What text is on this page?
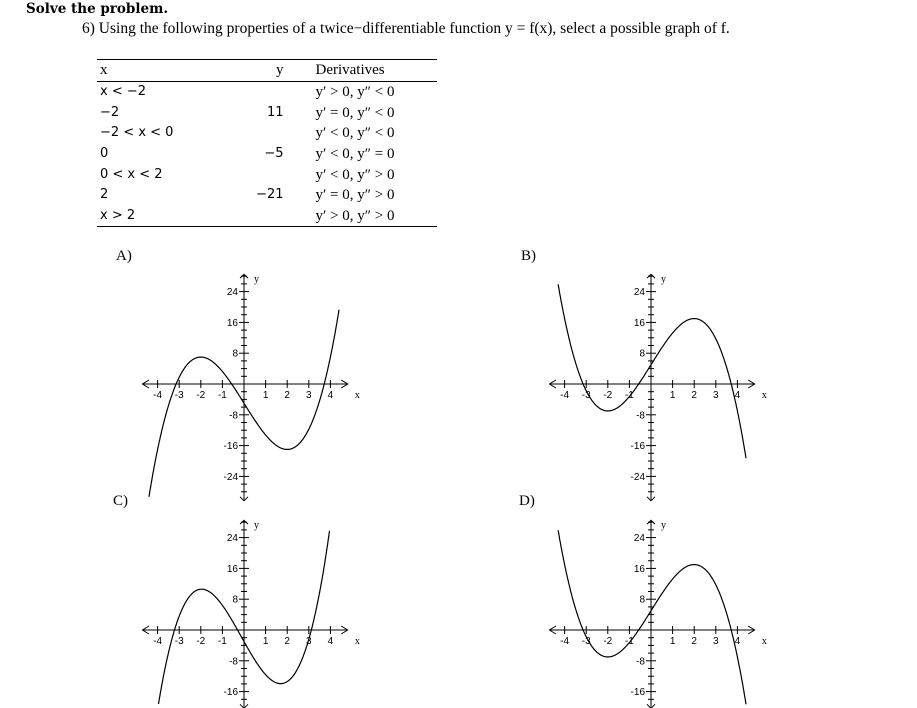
Solve the problem.
6) Using the following properties of a twice−differentiable function y = f(x), select a possible graph of f.
x	y	Derivatives
x < −2		y′ > 0, y″ < 0
−2	11	y′ = 0, y″ < 0
−2 < x < 0		y′ < 0, y″ < 0
0	−5	y′ < 0, y″ = 0
0 < x < 2		y′ < 0, y″ > 0
2	−21	y′ = 0, y″ > 0
x > 2		y′ > 0, y″ > 0
A)	B)
C)	D)
-4 -3 -2 -1	1 2 3 4 x
y
24
16
8
-8
-16
-24
-4 -3 -2 -1	1 2 3 4 x
y
24
16
8
-8
-16
-24
-4 -3 -2 -1	1 2 3 4 x
y
24
16
8
-8
-16
-4 -3 -2 -1	1 2 3 4 x
y
24
16
8
-8
-16
